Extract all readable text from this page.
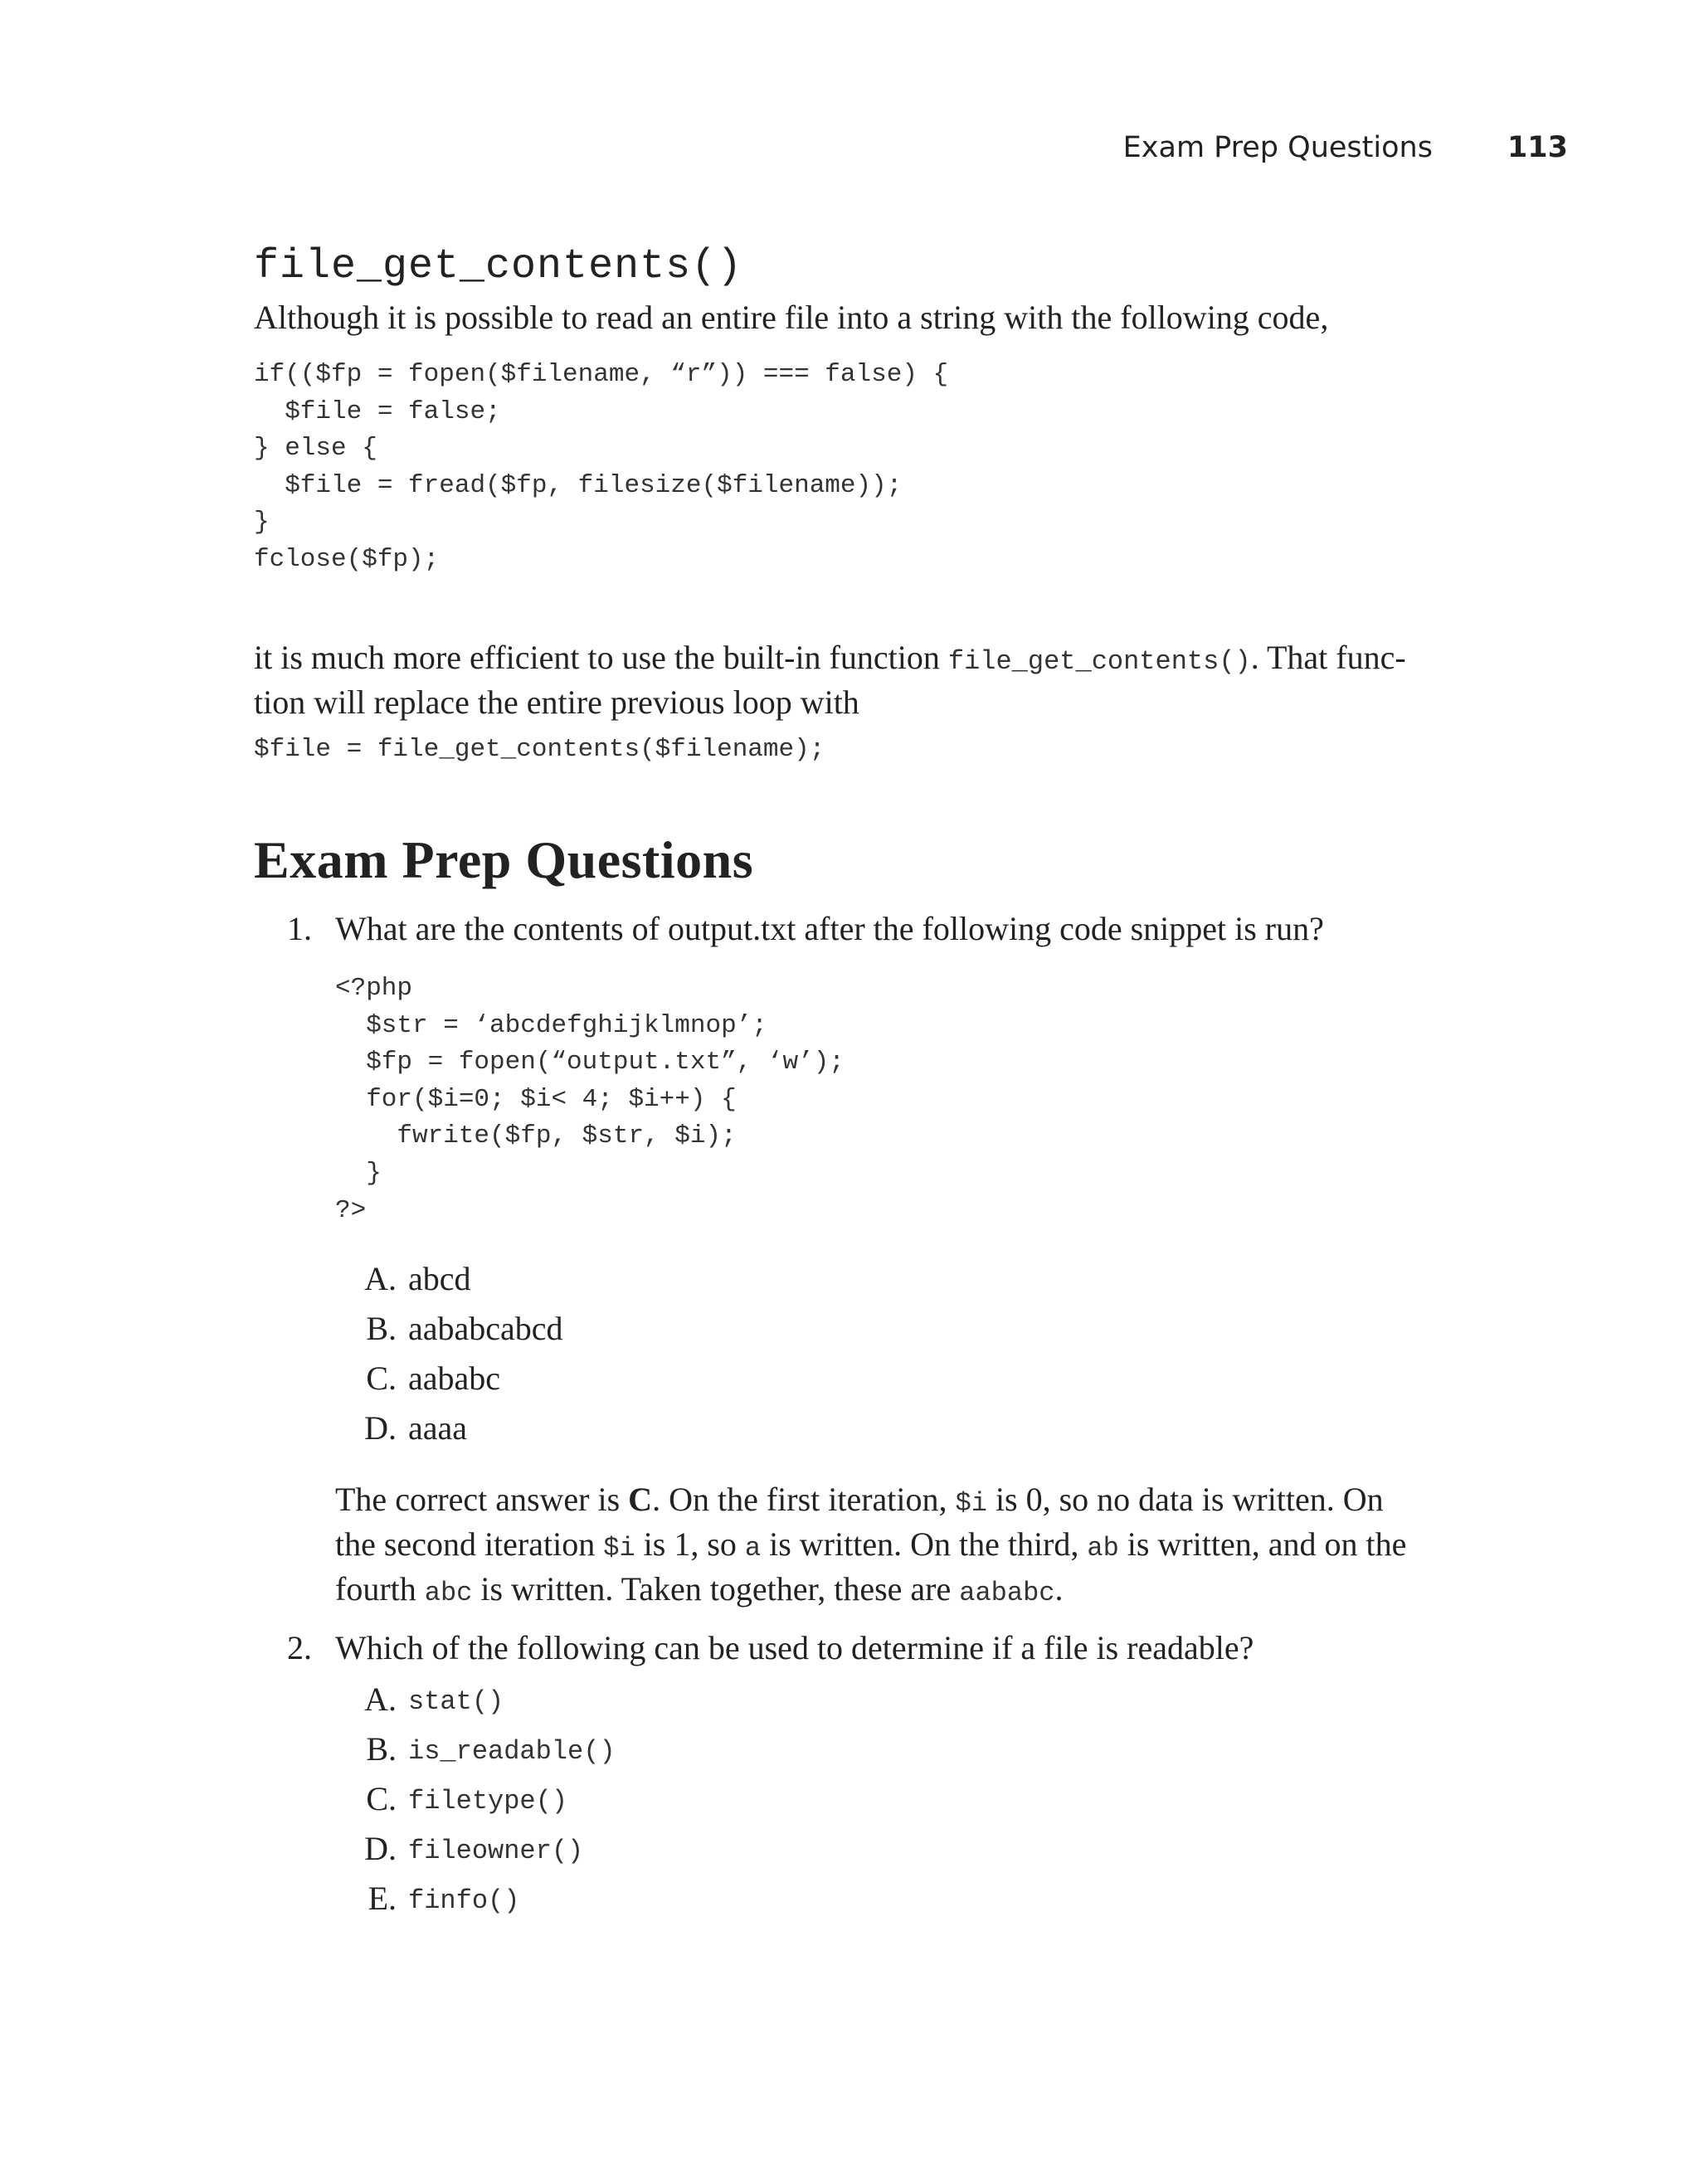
Exam Prep Questions	113
file_get_contents()
Although it is possible to read an entire file into a string with the following code,
if(($fp = fopen($filename, “r”)) === false) {
$file = false;
} else {
$file = fread($fp, filesize($filename));
}
fclose($fp);
it is much more efficient to use the built-in function file_get_contents(). That func-
tion will replace the entire previous loop with
$file = file_get_contents($filename);
Exam Prep Questions
1. What are the contents of output.txt after the following code snippet is run?
<?php
$str = ‘abcdefghijklmnop’;
$fp = fopen(“output.txt”, ‘w’);
for($i=0; $i< 4; $i++) {
fwrite($fp, $str, $i);
}
?>
A. abcd
B. aababcabcd
C. aababc
D. aaaa

The correct answer is C. On the first iteration, $i is 0, so no data is written. On

the second iteration $i is 1, so a is written. On the third, ab is written, and on the

fourth abc is written. Taken together, these are aababc.

2. Which of the following can be used to determine if a file is readable?
A. stat()
B. is_readable()
C. filetype()
D. fileowner()
E. finfo()
